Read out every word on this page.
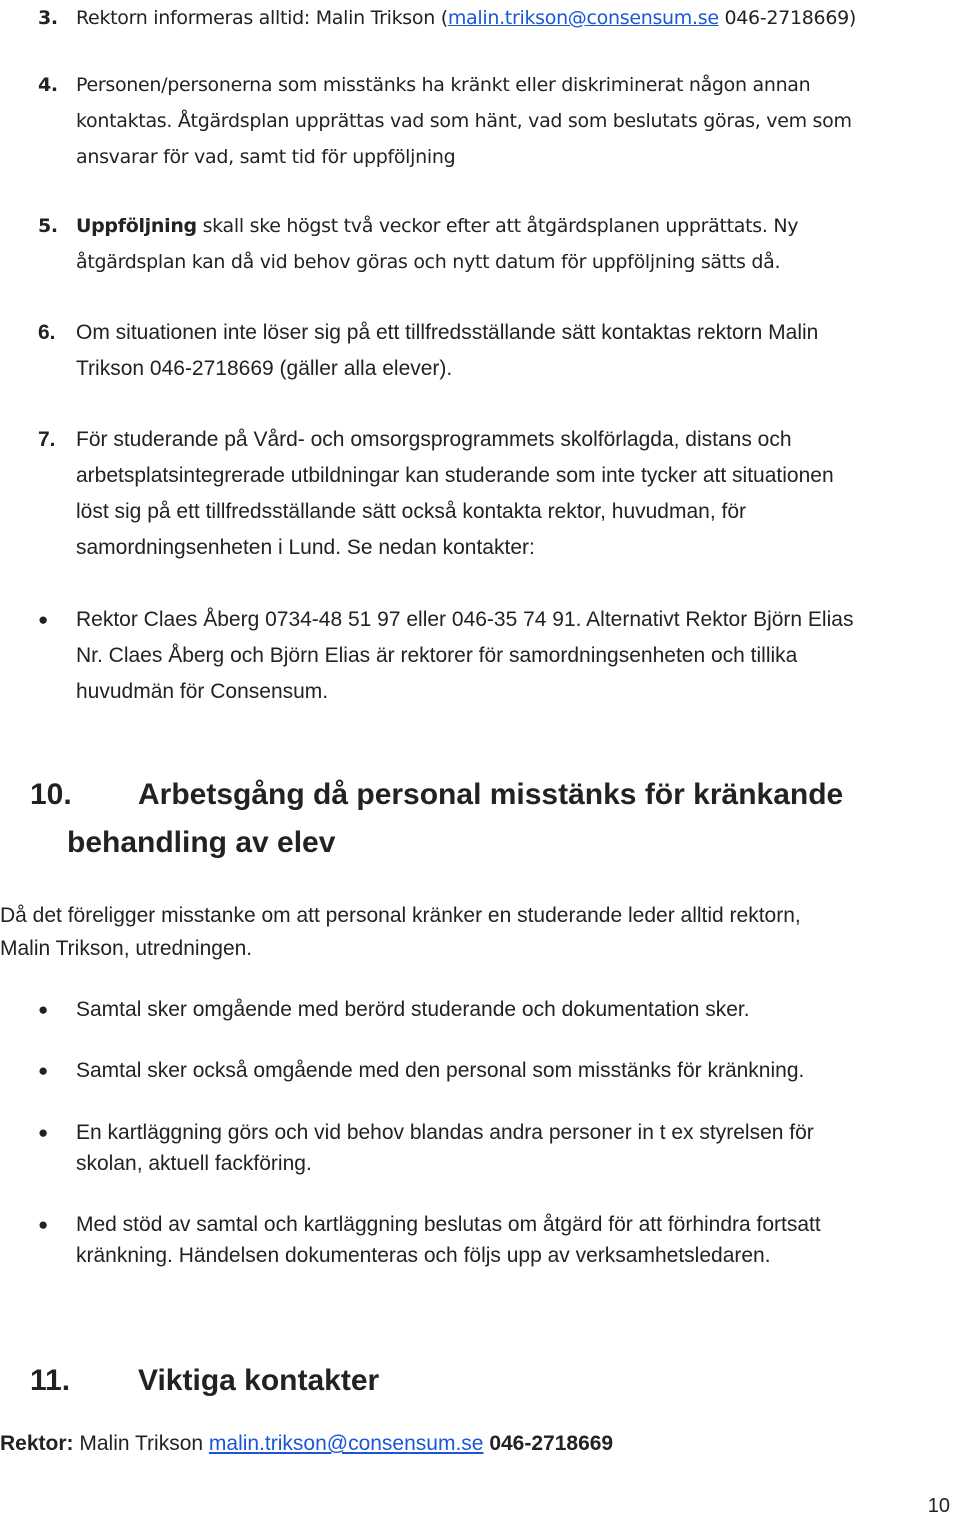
3. Rektorn informeras alltid: Malin Trikson (malin.trikson@consensum.se 046-2718669)
4. Personen/personerna som misstänks ha kränkt eller diskriminerat någon annan
kontaktas. Åtgärdsplan upprättas vad som hänt, vad som beslutats göras, vem som
ansvarar för vad, samt tid för uppföljning
5. Uppföljning skall ske högst två veckor efter att åtgärdsplanen upprättats. Ny
åtgärdsplan kan då vid behov göras och nytt datum för uppföljning sätts då.
6. Om situationen inte löser sig på ett tillfredsställande sätt kontaktas rektorn Malin
Trikson 046-2718669 (gäller alla elever).
7. För studerande på Vård- och omsorgsprogrammets skolförlagda, distans och
arbetsplatsintegrerade utbildningar kan studerande som inte tycker att situationen
löst sig på ett tillfredsställande sätt också kontakta rektor, huvudman, för
samordningsenheten i Lund. Se nedan kontakter:
● Rektor Claes Åberg 0734-48 51 97 eller 046-35 74 91. Alternativt Rektor Björn Elias
Nr. Claes Åberg och Björn Elias är rektorer för samordningsenheten och tillika
huvudmän för Consensum.
10. Arbetsgång då personal misstänks för kränkande
behandling av elev
Då det föreligger misstanke om att personal kränker en studerande leder alltid rektorn,
Malin Trikson, utredningen.
● Samtal sker omgående med berörd studerande och dokumentation sker.
● Samtal sker också omgående med den personal som misstänks för kränkning.
● En kartläggning görs och vid behov blandas andra personer in t ex styrelsen för
skolan, aktuell fackföring.
● Med stöd av samtal och kartläggning beslutas om åtgärd för att förhindra fortsatt
kränkning. Händelsen dokumenteras och följs upp av verksamhetsledaren.
11. Viktiga kontakter
Rektor: Malin Trikson malin.trikson@consensum.se 046-2718669
10
